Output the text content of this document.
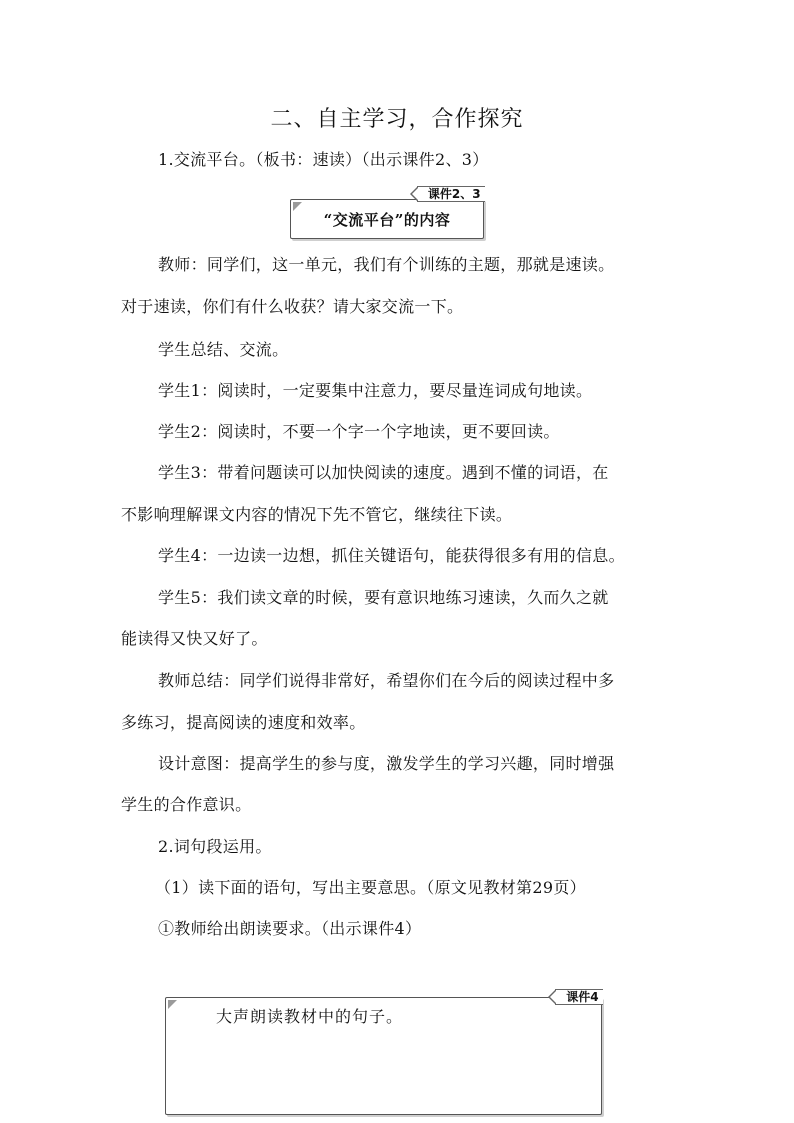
二、自主学习，合作探究
1.交流平台。（板书：速读）（出示课件2、3）
课件2、3
“交流平台”的内容
教师：同学们，这一单元，我们有个训练的主题，那就是速读。
对于速读，你们有什么收获？请大家交流一下。
学生总结、交流。
学生1：阅读时，一定要集中注意力，要尽量连词成句地读。
学生2：阅读时，不要一个字一个字地读，更不要回读。
学生3：带着问题读可以加快阅读的速度。遇到不懂的词语，在
不影响理解课文内容的情况下先不管它，继续往下读。
学生4：一边读一边想，抓住关键语句，能获得很多有用的信息。
学生5：我们读文章的时候，要有意识地练习速读，久而久之就
能读得又快又好了。
教师总结：同学们说得非常好，希望你们在今后的阅读过程中多
多练习，提高阅读的速度和效率。
设计意图：提高学生的参与度，激发学生的学习兴趣，同时增强
学生的合作意识。
2.词句段运用。
（1）读下面的语句，写出主要意思。（原文见教材第29页）
①教师给出朗读要求。（出示课件4）
课件4
大声朗读教材中的句子。
